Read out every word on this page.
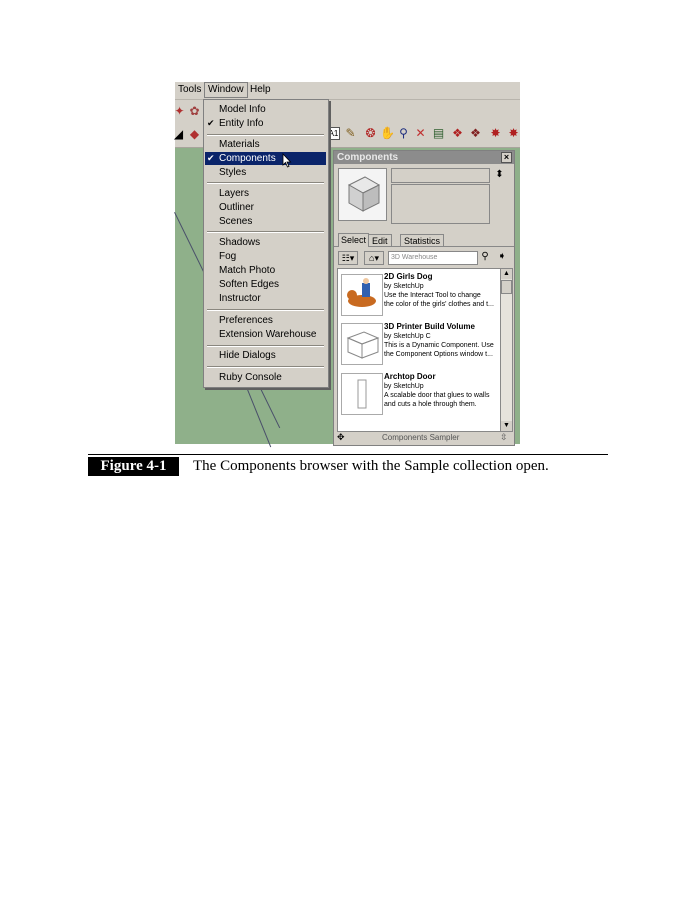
Tools Window Help
✦ ✿
◢ ◆	A1 ✎ ❂ ✋ ⚲ ✕ ▤ ❖ ❖ ✸ ✸
Model Info
✔ Entity Info
Materials
✔ Components
Styles
Layers
Outliner
Scenes
Shadows
Fog
Match Photo
Soften Edges
Instructor
Preferences
Extension Warehouse
Hide Dialogs
Ruby Console
Components	×
⬍
Select Edit	Statistics
☷▾	⌂▾	3D Warehouse	⚲ ➧
2D Girls Dog
by SketchUp
Use the Interact Tool to change
the color of the girls' clothes and t...
3D Printer Build Volume
by SketchUp C
This is a Dynamic Component. Use
the Component Options window t...
Archtop Door
by SketchUp
A scalable door that glues to walls
and cuts a hole through them.
▲
▼
✥	Components Sampler	⇳
Figure 4-1	The Components browser with the Sample collection open.
